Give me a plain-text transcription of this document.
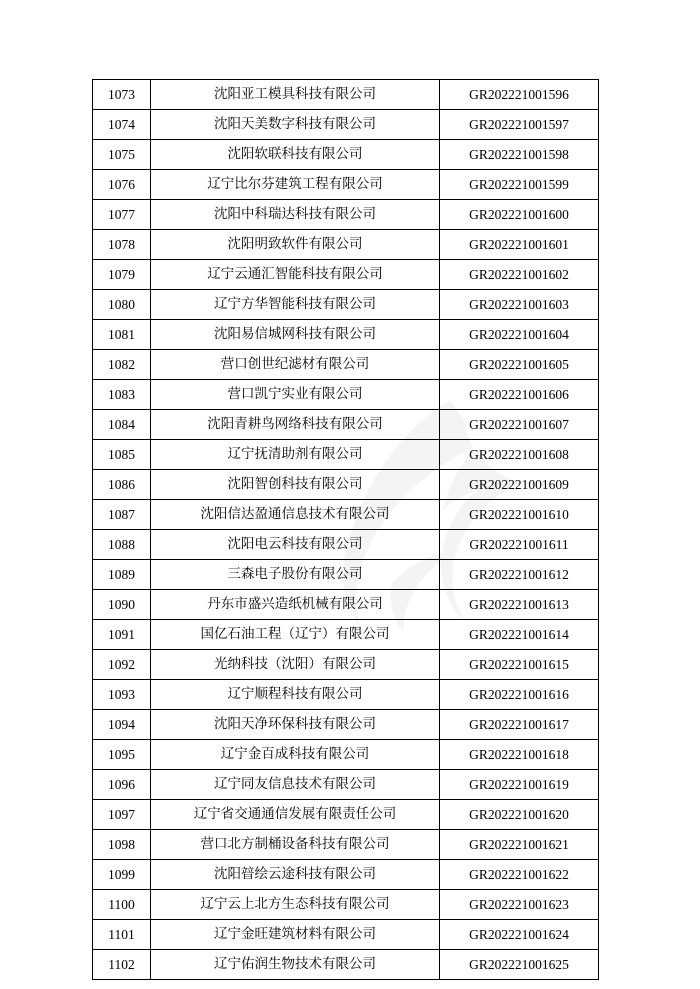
1073	沈阳亚工模具科技有限公司	GR202221001596
1074	沈阳天美数字科技有限公司	GR202221001597
1075	沈阳软联科技有限公司	GR202221001598
1076	辽宁比尔芬建筑工程有限公司	GR202221001599
1077	沈阳中科瑞达科技有限公司	GR202221001600
1078	沈阳明致软件有限公司	GR202221001601
1079	辽宁云通汇智能科技有限公司	GR202221001602
1080	辽宁方华智能科技有限公司	GR202221001603
1081	沈阳易信城网科技有限公司	GR202221001604
1082	营口创世纪滤材有限公司	GR202221001605
1083	营口凯宁实业有限公司	GR202221001606
1084	沈阳青耕鸟网络科技有限公司	GR202221001607
1085	辽宁抚清助剂有限公司	GR202221001608
1086	沈阳智创科技有限公司	GR202221001609
1087	沈阳信达盈通信息技术有限公司	GR202221001610
1088	沈阳电云科技有限公司	GR202221001611
1089	三森电子股份有限公司	GR202221001612
1090	丹东市盛兴造纸机械有限公司	GR202221001613
1091	国亿石油工程（辽宁）有限公司	GR202221001614
1092	光纳科技（沈阳）有限公司	GR202221001615
1093	辽宁顺程科技有限公司	GR202221001616
1094	沈阳天净环保科技有限公司	GR202221001617
1095	辽宁金百成科技有限公司	GR202221001618
1096	辽宁同友信息技术有限公司	GR202221001619
1097	辽宁省交通通信发展有限责任公司	GR202221001620
1098	营口北方制桶设备科技有限公司	GR202221001621
1099	沈阳暜绘云途科技有限公司	GR202221001622
1100	辽宁云上北方生态科技有限公司	GR202221001623
1101	辽宁金旺建筑材料有限公司	GR202221001624
1102	辽宁佑润生物技术有限公司	GR202221001625
